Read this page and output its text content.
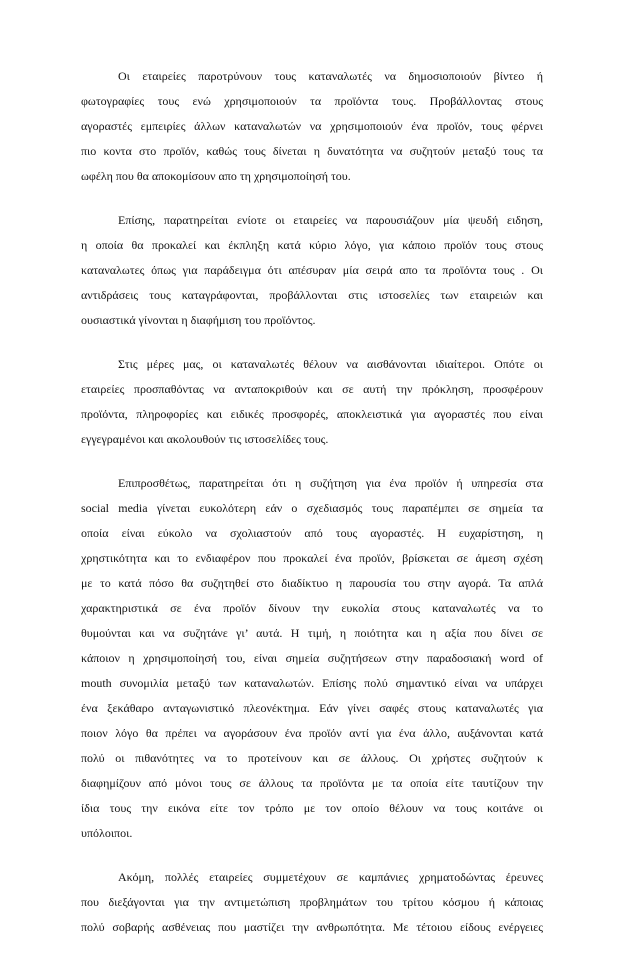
Οι εταιρείες παροτρύνουν τους καταναλωτές να δημοσιοποιούν βίντεο ή
φωτογραφίες τους ενώ χρησιμοποιούν τα προϊόντα τους. Προβάλλοντας στους
αγοραστές εμπειρίες άλλων καταναλωτών να χρησιμοποιούν ένα προϊόν, τους φέρνει
πιο κοντα στο προϊόν, καθώς τους δίνεται η δυνατότητα να συζητούν μεταξύ τους τα
ωφέλη που θα αποκομίσουν απο τη χρησιμοποίησή του.
Επίσης, παρατηρείται ενίοτε οι εταιρείες να παρουσιάζουν μία ψευδή ειδηση,
η οποία θα προκαλεί και έκπληξη κατά κύριο λόγο, για κάποιο προϊόν τους στους
καταναλωτες όπως για παράδειγμα ότι απέσυραν μία σειρά απο τα προϊόντα τους . Οι
αντιδράσεις τους καταγράφονται, προβάλλονται στις ιστοσελίες των εταιρειών και
ουσιαστικά γίνονται η διαφήμιση του προϊόντος.
Στις μέρες μας, οι καταναλωτές θέλουν να αισθάνονται ιδιαίτεροι. Οπότε οι
εταιρείες προσπαθόντας να ανταποκριθούν και σε αυτή την πρόκληση, προσφέρουν
προϊόντα, πληροφορίες και ειδικές προσφορές, αποκλειστικά για αγοραστές που είναι
εγγεγραμένοι και ακολουθούν τις ιστοσελίδες τους.
Επιπροσθέτως, παρατηρείται ότι η συζήτηση για ένα προϊόν ή υπηρεσία στα
social media γίνεται ευκολότερη εάν ο σχεδιασμός τους παραπέμπει σε σημεία τα
οποία είναι εύκολο να σχολιαστούν από τους αγοραστές. Η ευχαρίστηση, η
χρηστικότητα και το ενδιαφέρον που προκαλεί ένα προϊόν, βρίσκεται σε άμεση σχέση
με το κατά πόσο θα συζητηθεί στο διαδίκτυο η παρουσία του στην αγορά. Τα απλά
χαρακτηριστικά σε ένα προϊόν δίνουν την ευκολία στους καταναλωτές να το
θυμούνται και να συζητάνε γι’ αυτά. Η τιμή, η ποιότητα και η αξία που δίνει σε
κάποιον η χρησιμοποίησή του, είναι σημεία συζητήσεων στην παραδοσιακή word of
mouth συνομιλία μεταξύ των καταναλωτών. Επίσης πολύ σημαντικό είναι να υπάρχει
ένα ξεκάθαρο ανταγωνιστικό πλεονέκτημα. Εάν γίνει σαφές στους καταναλωτές για
ποιον λόγο θα πρέπει να αγοράσουν ένα προϊόν αντί για ένα άλλο, αυξάνονται κατά
πολύ οι πιθανότητες να το προτείνουν και σε άλλους. Οι χρήστες συζητούν κ
διαφημίζουν από μόνοι τους σε άλλους τα προϊόντα με τα οποία είτε ταυτίζουν την
ίδια τους την εικόνα είτε τον τρόπο με τον οποίο θέλουν να τους κοιτάνε οι
υπόλοιποι.
Ακόμη, πολλές εταιρείες συμμετέχουν σε καμπάνιες χρηματοδώντας έρευνες
που διεξάγονται για την αντιμετώπιση προβλημάτων του τρίτου κόσμου ή κάποιας
πολύ σοβαρής ασθένειας που μαστίζει την ανθρωπότητα. Με τέτοιου είδους ενέργειες
